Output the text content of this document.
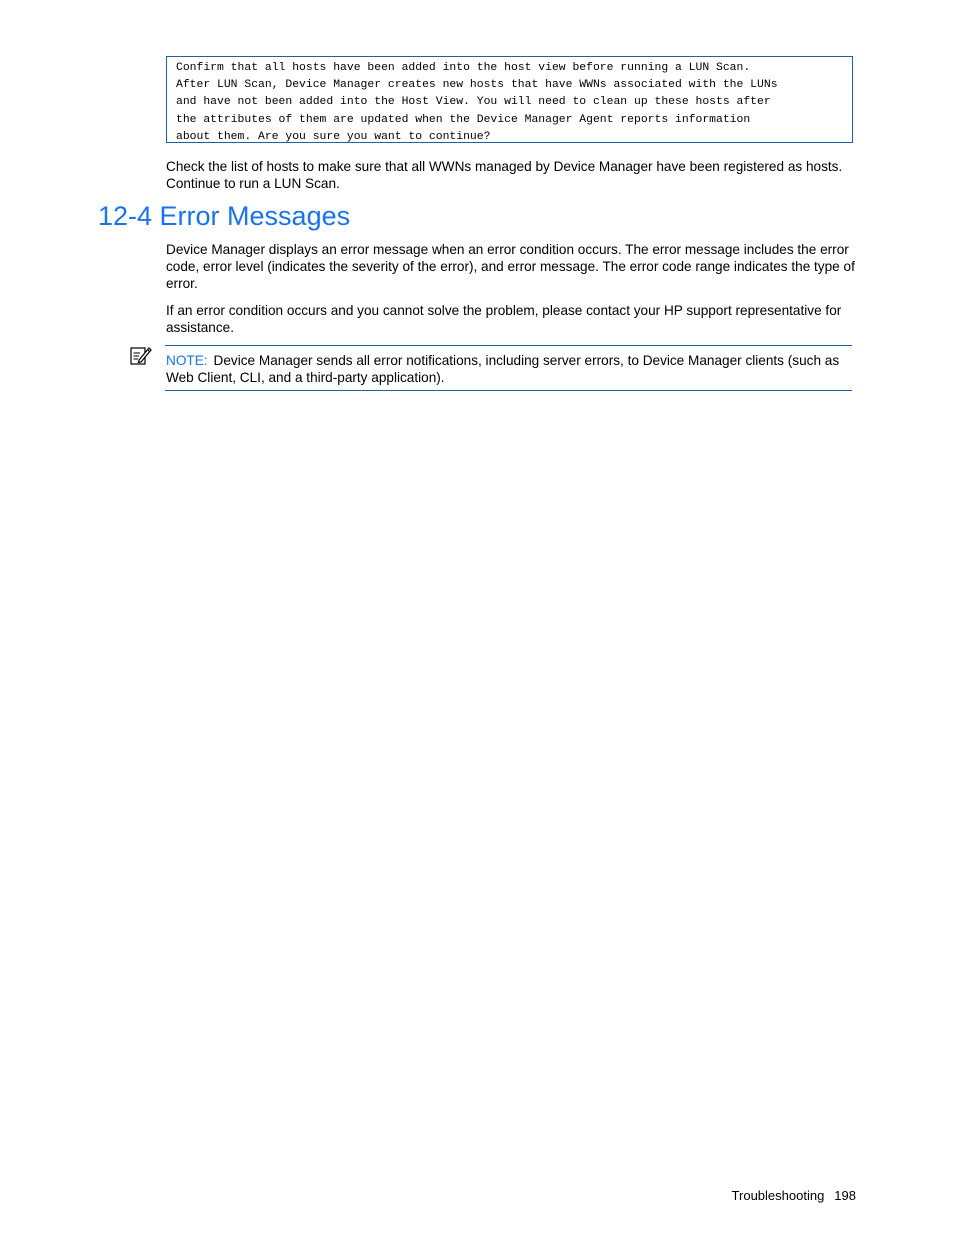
Confirm that all hosts have been added into the host view before running a LUN Scan.
After LUN Scan, Device Manager creates new hosts that have WWNs associated with the LUNs
and have not been added into the Host View. You will need to clean up these hosts after
the attributes of them are updated when the Device Manager Agent reports information
about them. Are you sure you want to continue?

Check the list of hosts to make sure that all WWNs managed by Device Manager have been registered as hosts. Continue to run a LUN Scan.

12-4 Error Messages

Device Manager displays an error message when an error condition occurs. The error message includes the error code, error level (indicates the severity of the error), and error message. The error code range indicates the type of error.

If an error condition occurs and you cannot solve the problem, please contact your HP support representative for assistance.

NOTE: Device Manager sends all error notifications, including server errors, to Device Manager clients (such as Web Client, CLI, and a third-party application).

Troubleshooting 198
